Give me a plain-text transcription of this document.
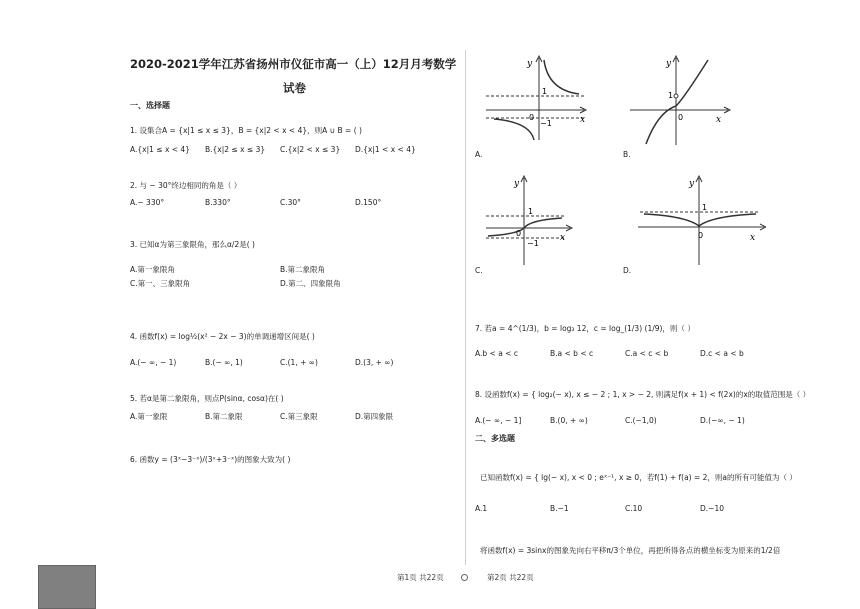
2020-2021学年江苏省扬州市仪征市高一（上）12月月考数学
试卷
一、选择题
1. 设集合A = {x|1 ≤ x ≤ 3}，B = {x|2 < x < 4}，则A ∪ B = ( )
A.{x|1 ≤ x < 4} B.{x|2 ≤ x ≤ 3} C.{x|2 < x ≤ 3} D.{x|1 < x < 4}
2. 与 − 30°终边相同的角是（ ）
A.− 330°	B.330°	C.30°	D.150°
3. 已知α为第三象限角，那么α/2是( )
A.第一象限角	B.第二象限角
C.第一、三象限角	D.第二、四象限角
4. 函数f(x) = log½(x² − 2x − 3)的单调递增区间是( )
A.(− ∞, − 1)	B.(− ∞, 1)	C.(1, + ∞)	D.(3, + ∞)
5. 若α是第二象限角，则点P(sinα, cosα)在( )
A.第一象限	B.第二象限	C.第三象限	D.第四象限
6. 函数y = (3ˣ−3⁻ˣ)/(3ˣ+3⁻ˣ)的图象大致为( )
y
x
1
−1
0
A.
y
x
1
0
B.
y
x
1
−1
0
C.
y
x
1
0
D.
7. 若a = 4^(1/3)，b = log₃ 12，c = log_(1/3) (1/9)，则（ ）
A.b < a < c	B.a < b < c	C.a < c < b	D.c < a < b
8. 设函数f(x) = { log₂(− x), x ≤ − 2 ; 1, x > − 2, 则满足f(x + 1) < f(2x)的x的取值范围是（ ）
A.(− ∞, − 1]	B.(0, + ∞)	C.(−1,0)	D.(−∞, − 1)
二、多选题
已知函数f(x) = { lg(− x), x < 0 ; eˣ⁻¹, x ≥ 0，若f(1) + f(a) = 2，则a的所有可能值为（ ）
A.1	B.−1	C.10	D.−10
将函数f(x) = 3sinx的图象先向右平移π/3个单位，再把所得各点的横坐标变为原来的1/2倍
第1页 共22页	第2页 共22页
